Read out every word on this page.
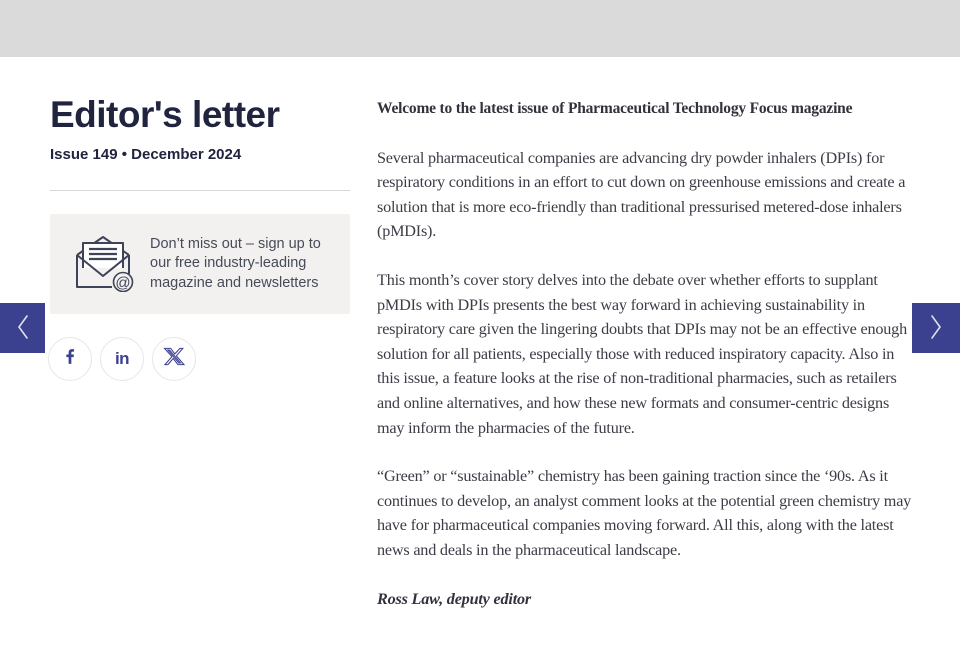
Editor's letter
Issue 149 • December 2024
@

Don’t miss out – sign up to our free industry-leading magazine and newsletters

in

Welcome to the latest issue of Pharmaceutical Technology Focus magazine

Several pharmaceutical companies are advancing dry powder inhalers (DPIs) for respiratory conditions in an effort to cut down on greenhouse emissions and create a solution that is more eco-friendly than traditional pressurised metered-dose inhalers (pMDIs).

This month’s cover story delves into the debate over whether efforts to supplant pMDIs with DPIs presents the best way forward in achieving sustainability in respiratory care given the lingering doubts that DPIs may not be an effective enough solution for all patients, especially those with reduced inspiratory capacity. Also in this issue, a feature looks at the rise of non-traditional pharmacies, such as retailers and online alternatives, and how these new formats and consumer-centric designs may inform the pharmacies of the future.

“Green” or “sustainable” chemistry has been gaining traction since the ‘90s. As it continues to develop, an analyst comment looks at the potential green chemistry may have for pharmaceutical companies moving forward. All this, along with the latest news and deals in the pharmaceutical landscape.

Ross Law, deputy editor
